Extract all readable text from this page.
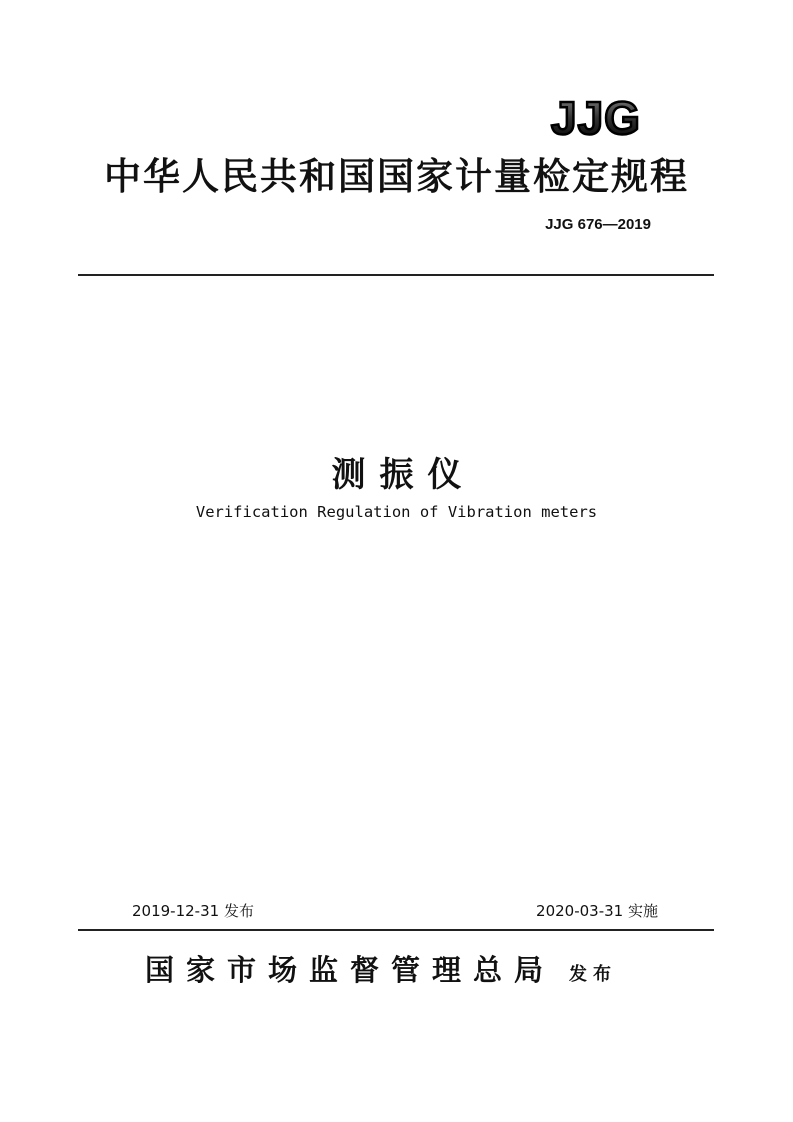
JJG
中华人民共和国国家计量检定规程
JJG 676—2019
测振仪
Verification Regulation of Vibration meters
2019-12-31 发布	2020-03-31 实施
国家市场监督管理总局 发布
